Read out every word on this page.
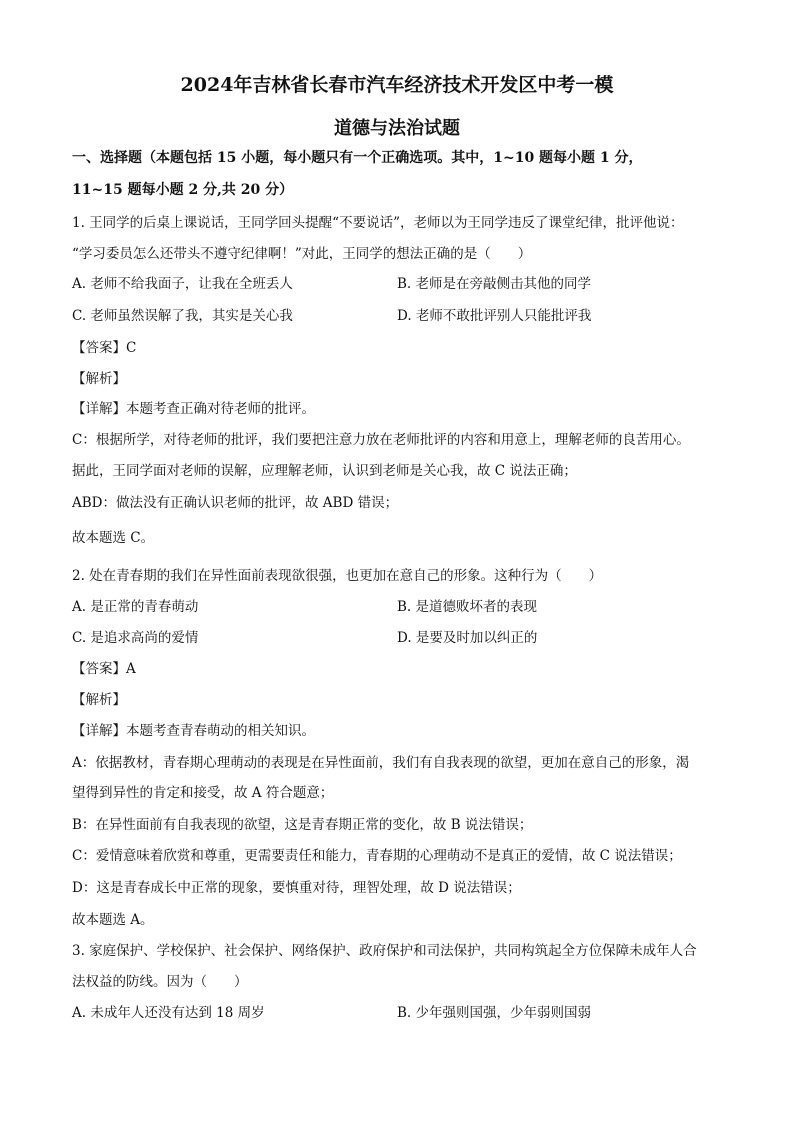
2024年吉林省长春市汽车经济技术开发区中考一模
道德与法治试题
一、选择题（本题包括 15 小题，每小题只有一个正确选项。其中，1~10 题每小题 1 分，
11~15 题每小题 2 分,共 20 分）
1. 王同学的后桌上课说话，王同学回头提醒“不要说话”，老师以为王同学违反了课堂纪律，批评他说：
“学习委员怎么还带头不遵守纪律啊！”对此，王同学的想法正确的是（　　）
A. 老师不给我面子，让我在全班丢人	B. 老师是在旁敲侧击其他的同学
C. 老师虽然误解了我，其实是关心我	D. 老师不敢批评别人只能批评我
【答案】C
【解析】
【详解】本题考查正确对待老师的批评。
C：根据所学，对待老师的批评，我们要把注意力放在老师批评的内容和用意上，理解老师的良苦用心。
据此，王同学面对老师的误解，应理解老师，认识到老师是关心我，故 C 说法正确；
ABD：做法没有正确认识老师的批评，故 ABD 错误；
故本题选 C。
2. 处在青春期的我们在异性面前表现欲很强，也更加在意自己的形象。这种行为（　　）
A. 是正常的青春萌动	B. 是道德败坏者的表现
C. 是追求高尚的爱情	D. 是要及时加以纠正的
【答案】A
【解析】
【详解】本题考查青春萌动的相关知识。
A：依据教材，青春期心理萌动的表现是在异性面前，我们有自我表现的欲望，更加在意自己的形象，渴
望得到异性的肯定和接受，故 A 符合题意；
B：在异性面前有自我表现的欲望，这是青春期正常的变化，故 B 说法错误；
C：爱情意味着欣赏和尊重，更需要责任和能力，青春期的心理萌动不是真正的爱情，故 C 说法错误；
D：这是青春成长中正常的现象，要慎重对待，理智处理，故 D 说法错误；
故本题选 A。
3. 家庭保护、学校保护、社会保护、网络保护、政府保护和司法保护，共同构筑起全方位保障未成年人合
法权益的防线。因为（　　）
A. 未成年人还没有达到 18 周岁	B. 少年强则国强，少年弱则国弱
